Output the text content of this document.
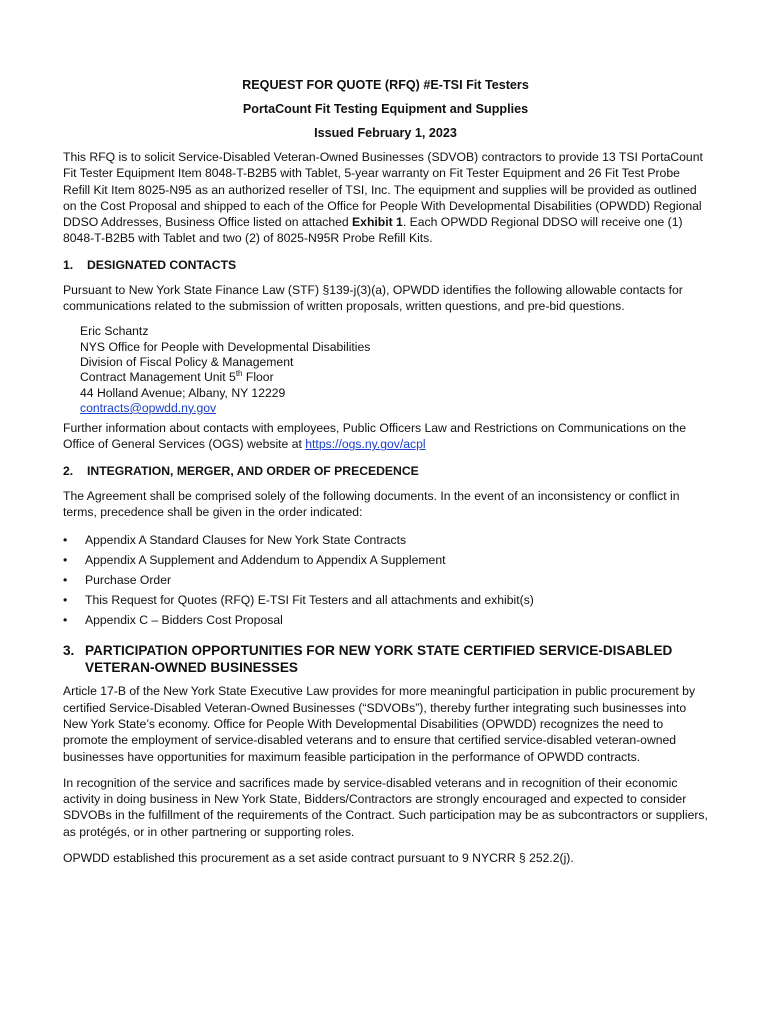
REQUEST FOR QUOTE (RFQ) #E-TSI Fit Testers
PortaCount Fit Testing Equipment and Supplies
Issued February 1, 2023

This RFQ is to solicit Service-Disabled Veteran-Owned Businesses (SDVOB) contractors to provide 13 TSI PortaCount Fit Tester Equipment Item 8048-T-B2B5 with Tablet, 5-year warranty on Fit Tester Equipment and 26 Fit Test Probe Refill Kit Item 8025-N95 as an authorized reseller of TSI, Inc. The equipment and supplies will be provided as outlined on the Cost Proposal and shipped to each of the Office for People With Developmental Disabilities (OPWDD) Regional DDSO Addresses, Business Office listed on attached Exhibit 1. Each OPWDD Regional DDSO will receive one (1) 8048-T-B2B5 with Tablet and two (2) of 8025-N95R Probe Refill Kits.

1. DESIGNATED CONTACTS

Pursuant to New York State Finance Law (STF) §139-j(3)(a), OPWDD identifies the following allowable contacts for communications related to the submission of written proposals, written questions, and pre-bid questions.

Eric Schantz
NYS Office for People with Developmental Disabilities
Division of Fiscal Policy & Management
Contract Management Unit 5th Floor
44 Holland Avenue; Albany, NY 12229
contracts@opwdd.ny.gov

Further information about contacts with employees, Public Officers Law and Restrictions on Communications on the Office of General Services (OGS) website at https://ogs.ny.gov/acpl

2. INTEGRATION, MERGER, AND ORDER OF PRECEDENCE

The Agreement shall be comprised solely of the following documents. In the event of an inconsistency or conflict in terms, precedence shall be given in the order indicated:

• Appendix A Standard Clauses for New York State Contracts
• Appendix A Supplement and Addendum to Appendix A Supplement
• Purchase Order
• This Request for Quotes (RFQ) E-TSI Fit Testers and all attachments and exhibit(s)
• Appendix C – Bidders Cost Proposal
3. PARTICIPATION OPPORTUNITIES FOR NEW YORK STATE CERTIFIED SERVICE-DISABLED
VETERAN-OWNED BUSINESSES

Article 17-B of the New York State Executive Law provides for more meaningful participation in public procurement by certified Service-Disabled Veteran-Owned Businesses (“SDVOBs”), thereby further integrating such businesses into New York State’s economy. Office for People With Developmental Disabilities (OPWDD) recognizes the need to promote the employment of service-disabled veterans and to ensure that certified service-disabled veteran-owned businesses have opportunities for maximum feasible participation in the performance of OPWDD contracts.

In recognition of the service and sacrifices made by service-disabled veterans and in recognition of their economic activity in doing business in New York State, Bidders/Contractors are strongly encouraged and expected to consider SDVOBs in the fulfillment of the requirements of the Contract. Such participation may be as subcontractors or suppliers, as protégés, or in other partnering or supporting roles.

OPWDD established this procurement as a set aside contract pursuant to 9 NYCRR § 252.2(j).
